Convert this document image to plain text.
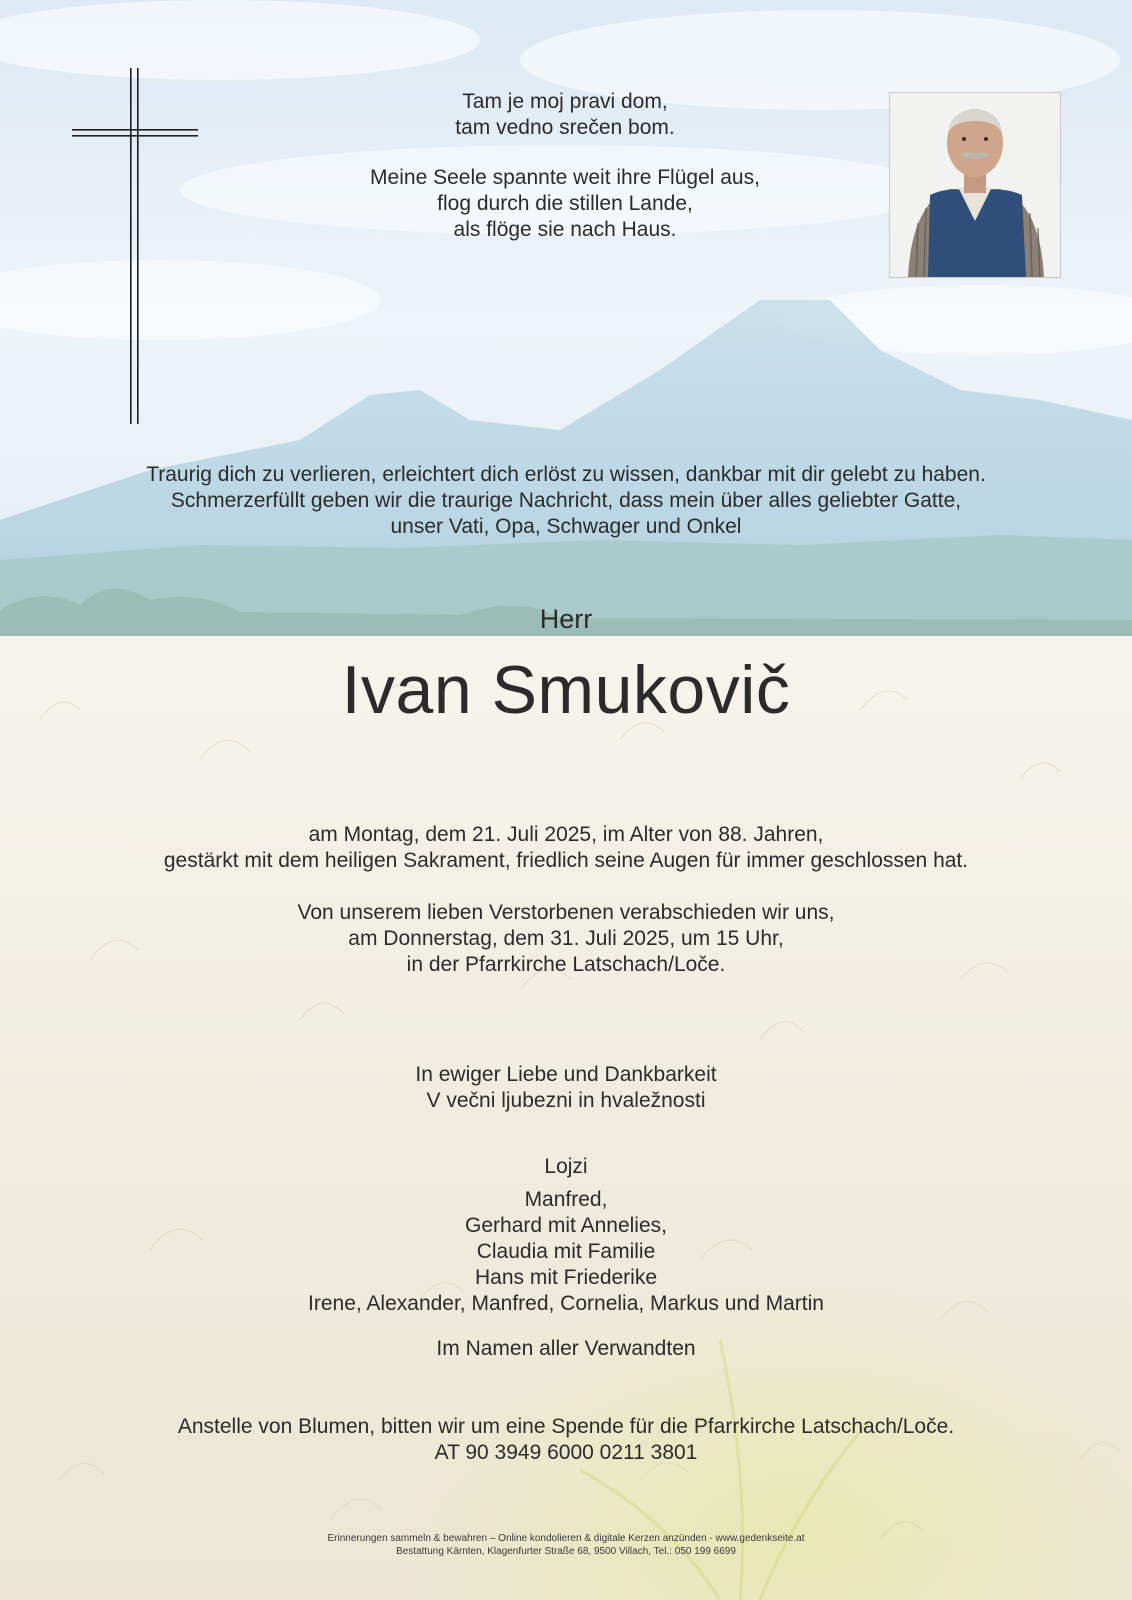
Tam je moj pravi dom,
tam vedno srečen bom.
Meine Seele spannte weit ihre Flügel aus,
flog durch die stillen Lande,
als flöge sie nach Haus.
Traurig dich zu verlieren, erleichtert dich erlöst zu wissen, dankbar mit dir gelebt zu haben.
Schmerzerfüllt geben wir die traurige Nachricht, dass mein über alles geliebter Gatte,
unser Vati, Opa, Schwager und Onkel
Herr
Ivan Smukovič
am Montag, dem 21. Juli 2025, im Alter von 88. Jahren,
gestärkt mit dem heiligen Sakrament, friedlich seine Augen für immer geschlossen hat.
Von unserem lieben Verstorbenen verabschieden wir uns,
am Donnerstag, dem 31. Juli 2025, um 15 Uhr,
in der Pfarrkirche Latschach/Loče.
In ewiger Liebe und Dankbarkeit
V večni ljubezni in hvaležnosti
Lojzi
Manfred,
Gerhard mit Annelies,
Claudia mit Familie
Hans mit Friederike
Irene, Alexander, Manfred, Cornelia, Markus und Martin
Im Namen aller Verwandten
Anstelle von Blumen, bitten wir um eine Spende für die Pfarrkirche Latschach/Loče.
AT 90 3949 6000 0211 3801
Erinnerungen sammeln & bewahren – Online kondolieren & digitale Kerzen anzünden - www.gedenkseite.at
Bestattung Kärnten, Klagenfurter Straße 68, 9500 Villach, Tel.: 050 199 6699
